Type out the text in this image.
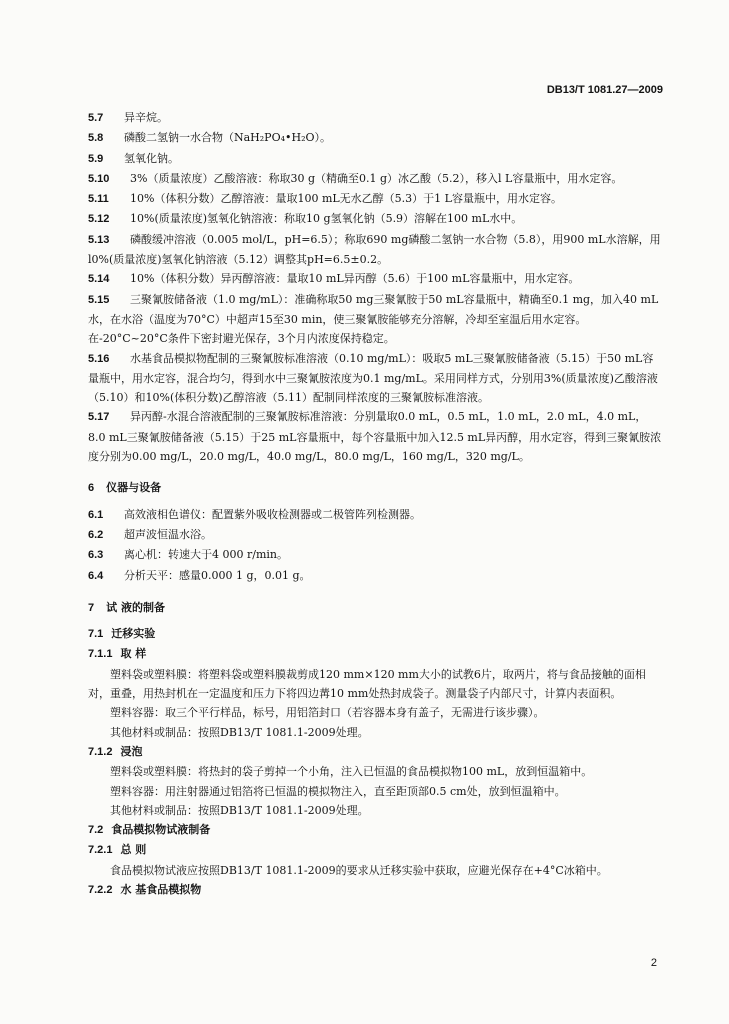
DB13/T 1081.27—2009
5.7 异辛烷。
5.8 磷酸二氢钠一水合物（NaH₂PO₄•H₂O）。
5.9 氢氧化钠。
5.10 3%（质量浓度）乙酸溶液：称取30 g（精确至0.1 g）冰乙酸（5.2），移入l L容量瓶中，用水定容。
5.11 10%（体积分数）乙醇溶液：量取100 mL无水乙醇（5.3）于1 L容量瓶中，用水定容。
5.12 10%(质量浓度)氢氧化钠溶液：称取10 g氢氧化钠（5.9）溶解在100 mL水中。
5.13 磷酸缓冲溶液（0.005 mol/L，pH=6.5）；称取690 mg磷酸二氢钠一水合物（5.8），用900 mL水溶解，用l0%(质量浓度)氢氧化钠溶液（5.12）调整其pH=6.5±0.2。
5.14 10%（体积分数）异丙醇溶液：量取10 mL异丙醇（5.6）于100 mL容量瓶中，用水定容。
5.15 三聚氰胺储备液（1.0 mg/mL）：准确称取50 mg三聚氰胺于50 mL容量瓶中，精确至0.1 mg，加入40 mL水，在水浴（温度为70°C）中超声15至30 min，使三聚氰胺能够充分溶解，冷却至室温后用水定容。在-20°C~20°C条件下密封避光保存，3个月内浓度保持稳定。
5.16 水基食品模拟物配制的三聚氰胺标准溶液（0.10 mg/mL）：吸取5 mL三聚氰胺储备液（5.15）于50 mL容量瓶中，用水定容，混合均匀，得到水中三聚氰胺浓度为0.1 mg/mL。采用同样方式，分别用3%(质量浓度)乙酸溶液（5.10）和10%(体积分数)乙醇溶液（5.11）配制同样浓度的三聚氰胺标准溶液。
5.17 异丙醇-水混合溶液配制的三聚氰胺标准溶液：分别量取0.0 mL，0.5 mL，1.0 mL，2.0 mL，4.0 mL，8.0 mL三聚氰胺储备液（5.15）于25 mL容量瓶中，每个容量瓶中加入12.5 mL异丙醇，用水定容，得到三聚氰胺浓度分别为0.00 mg/L，20.0 mg/L，40.0 mg/L，80.0 mg/L，160 mg/L，320 mg/L。
6 仪器与设备
6.1 高效液相色谱仪：配置紫外吸收检测器或二极管阵列检测器。
6.2 超声波恒温水浴。
6.3 离心机：转速大于4 000 r/min。
6.4 分析天平：感量0.000 1 g，0.01 g。
7 试 液的制备
7.1 迁移实验
7.1.1 取 样
塑料袋或塑料膜：将塑料袋或塑料膜裁剪成120 mm×120 mm大小的试教6片，取两片，将与食品接触的面相对，重叠，用热封机在一定温度和压力下将四边冓10 mm处热封成袋子。测量袋子内部尺寸，计算内表面积。
塑料容器：取三个平行样品，标号，用铝箔封口（若容器本身有盖子，无需进行该步骤）。
其他材料或制品：按照DB13/T 1081.1-2009处理。
7.1.2 浸泡
塑料袋或塑料膜：将热封的袋子剪掉一个小角，注入已恒温的食品模拟物100 mL，放到恒温箱中。
塑料容器：用注射器通过铝箔将已恒温的模拟物注入，直至距顶部0.5 cm处，放到恒温箱中。
其他材料或制品：按照DB13/T 1081.1-2009处理。
7.2 食品模拟物试液制备
7.2.1 总 则
食品模拟物试液应按照DB13/T 1081.1-2009的要求从迁移实验中获取，应避光保存在+4°C冰箱中。
7.2.2 水 基食品模拟物
2
